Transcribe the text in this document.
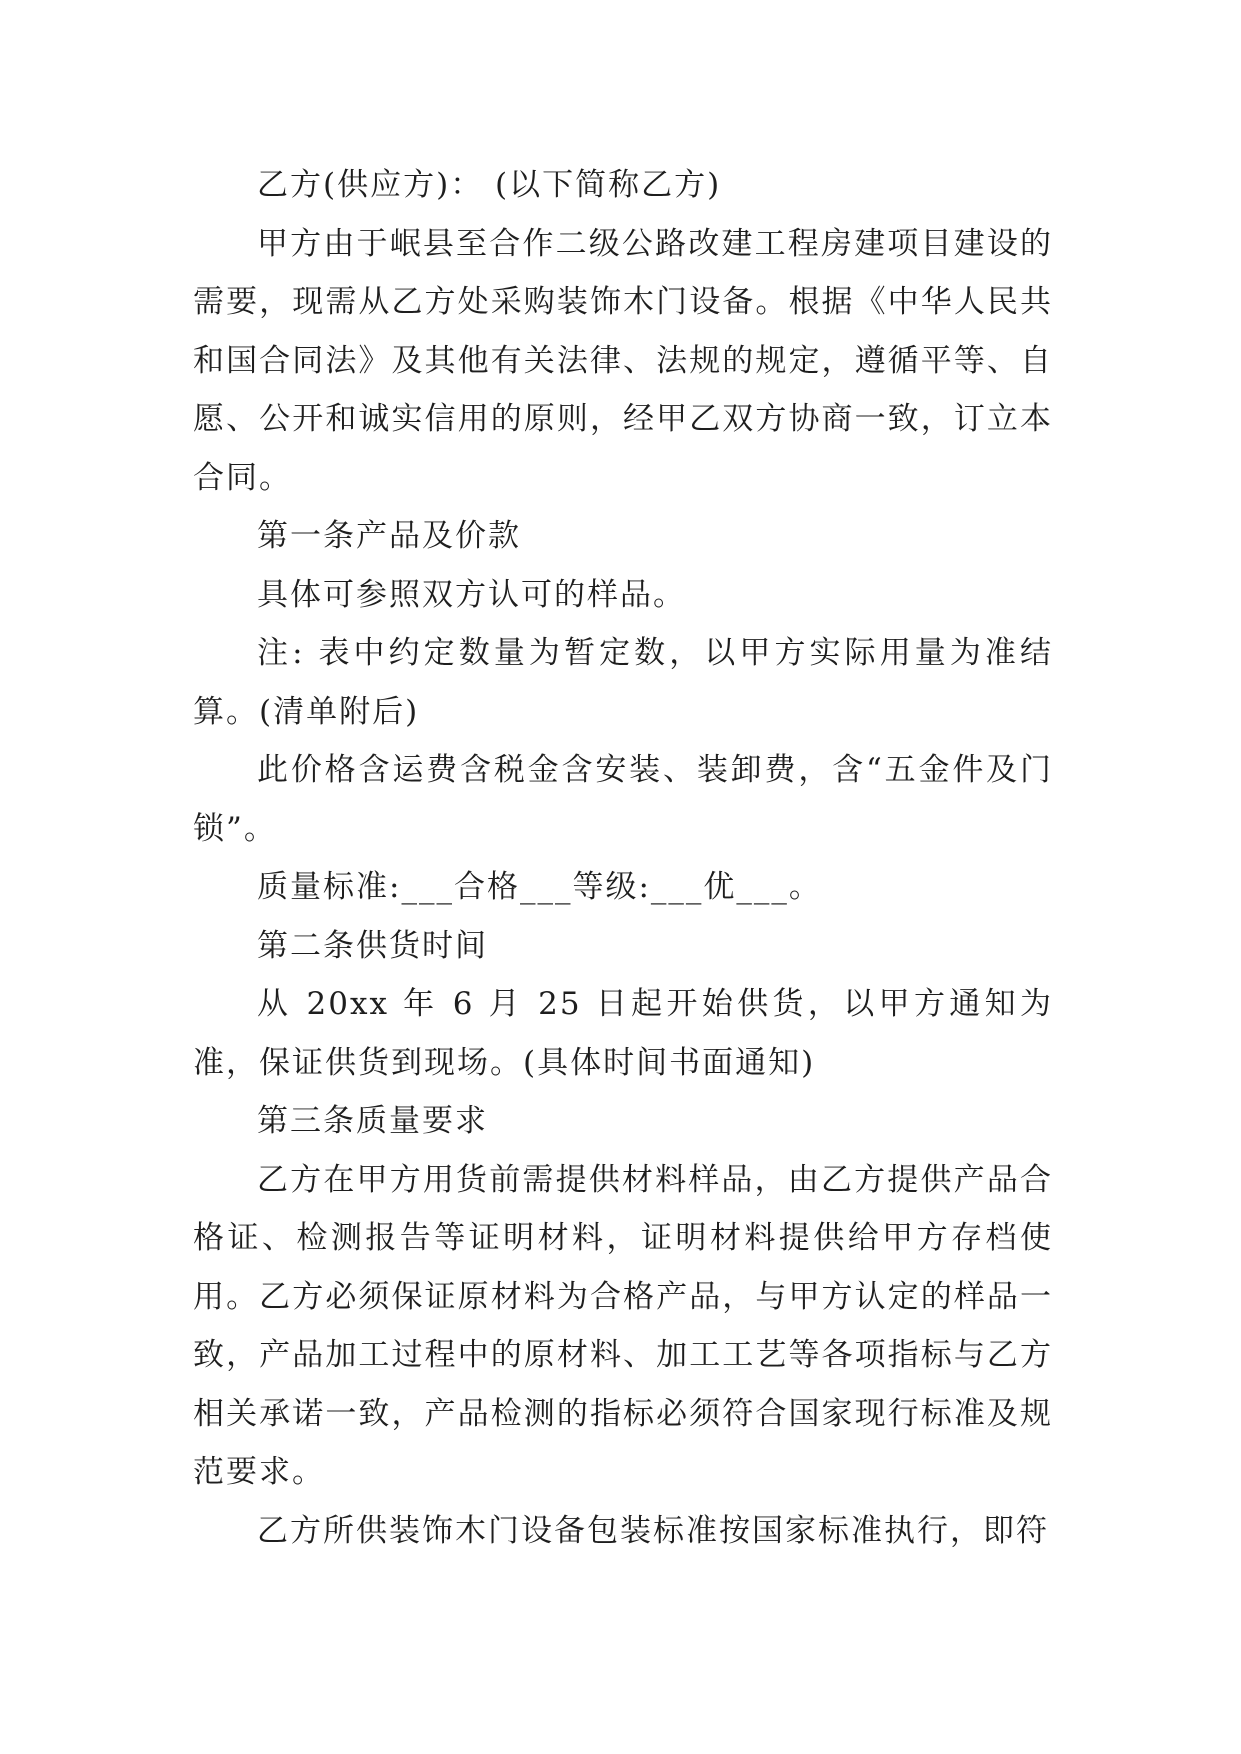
乙方(供应方)： (以下简称乙方)

甲方由于岷县至合作二级公路改建工程房建项目建设的需要，现需从乙方处采购装饰木门设备。根据《中华人民共和国合同法》及其他有关法律、法规的规定，遵循平等、自愿、公开和诚实信用的原则，经甲乙双方协商一致，订立本合同。

第一条产品及价款

具体可参照双方认可的样品。

注: 表中约定数量为暂定数，以甲方实际用量为准结算。(清单附后)

此价格含运费含税金含安装、装卸费，含“五金件及门锁”。

质量标准:___合格___等级:___优___。

第二条供货时间

从 20xx 年 6 月 25 日起开始供货，以甲方通知为准，保证供货到现场。(具体时间书面通知)

第三条质量要求

乙方在甲方用货前需提供材料样品，由乙方提供产品合格证、检测报告等证明材料，证明材料提供给甲方存档使用。乙方必须保证原材料为合格产品，与甲方认定的样品一致，产品加工过程中的原材料、加工工艺等各项指标与乙方相关承诺一致，产品检测的指标必须符合国家现行标准及规范要求。

乙方所供装饰木门设备包装标准按国家标准执行，即符
